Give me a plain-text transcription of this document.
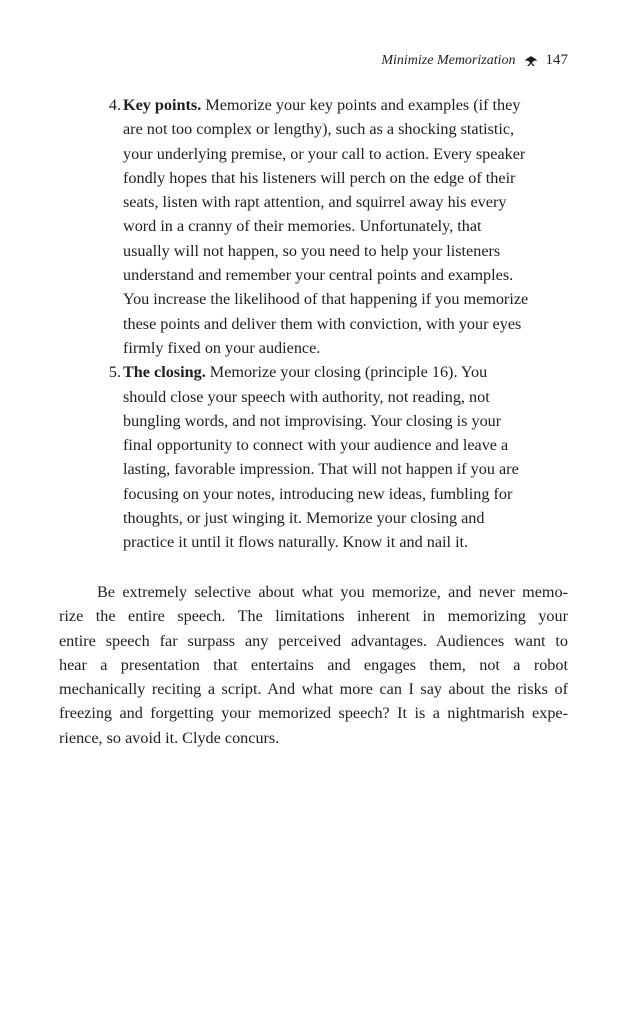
Minimize Memorization 147
4. Key points. Memorize your key points and examples (if they
are not too complex or lengthy), such as a shocking statistic,
your underlying premise, or your call to action. Every speaker
fondly hopes that his listeners will perch on the edge of their
seats, listen with rapt attention, and squirrel away his every
word in a cranny of their memories. Unfortunately, that
usually will not happen, so you need to help your listeners
understand and remember your central points and examples.
You increase the likelihood of that happening if you memorize
these points and deliver them with conviction, with your eyes
firmly fixed on your audience.
5. The closing. Memorize your closing (principle 16). You
should close your speech with authority, not reading, not
bungling words, and not improvising. Your closing is your
final opportunity to connect with your audience and leave a
lasting, favorable impression. That will not happen if you are
focusing on your notes, introducing new ideas, fumbling for
thoughts, or just winging it. Memorize your closing and
practice it until it flows naturally. Know it and nail it.
Be extremely selective about what you memorize, and never memo-
rize the entire speech. The limitations inherent in memorizing your
entire speech far surpass any perceived advantages. Audiences want to
hear a presentation that entertains and engages them, not a robot
mechanically reciting a script. And what more can I say about the risks of
freezing and forgetting your memorized speech? It is a nightmarish expe-
rience, so avoid it. Clyde concurs.
